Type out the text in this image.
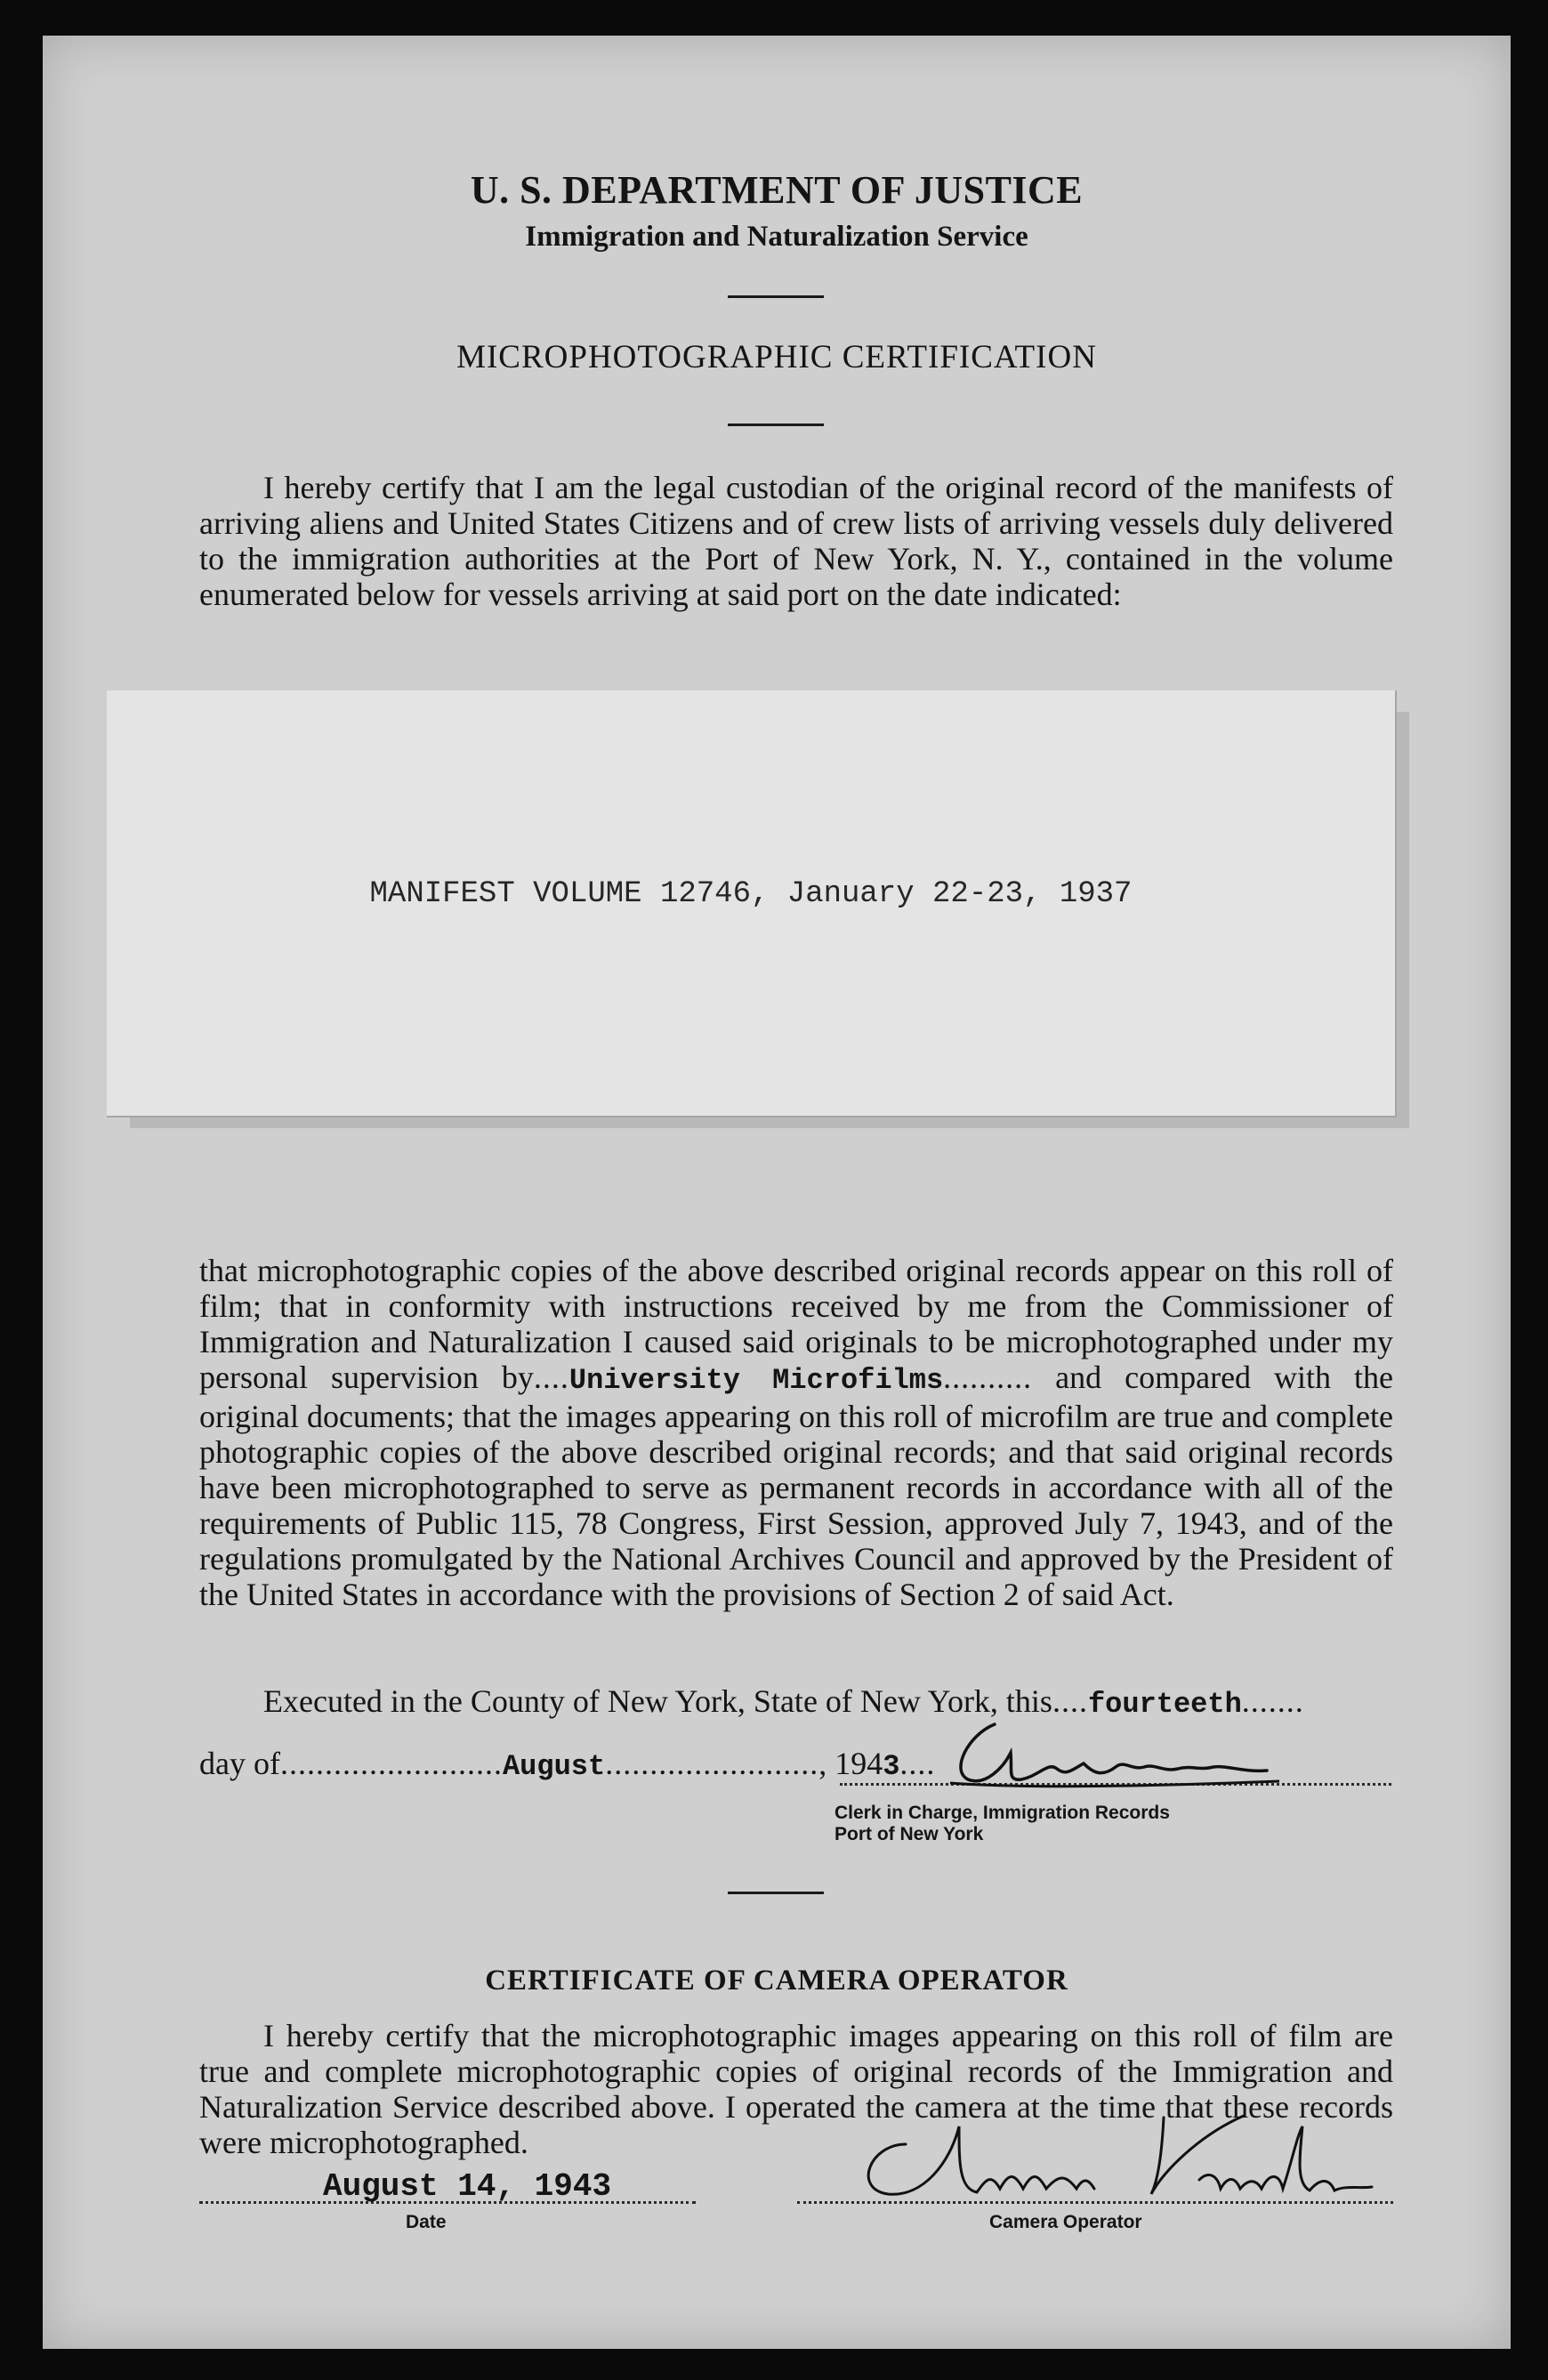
U. S. DEPARTMENT OF JUSTICE
Immigration and Naturalization Service
MICROPHOTOGRAPHIC CERTIFICATION

I hereby certify that I am the legal custodian of the original record of the manifests of arriving aliens and United States Citizens and of crew lists of arriving vessels duly delivered to the immigration authorities at the Port of New York, N. Y., contained in the volume enumerated below for vessels arriving at said port on the date indicated:

MANIFEST VOLUME 12746, January 22-23, 1937

that microphotographic copies of the above described original records appear on this roll of film; that in conformity with instructions received by me from the Commissioner of Immigration and Naturalization I caused said originals to be microphotographed under my personal supervision by....University Microfilms.......... and compared with the original documents; that the images appearing on this roll of microfilm are true and complete photographic copies of the above described original records; and that said original records have been microphotographed to serve as permanent records in accordance with all of the requirements of Public 115, 78 Congress, First Session, approved July 7, 1943, and of the regulations promulgated by the National Archives Council and approved by the President of the United States in accordance with the provisions of Section 2 of said Act.

Executed in the County of New York, State of New York, this....fourteeth.......
day of.........................August........................, 1943....
Clerk in Charge, Immigration Records
Port of New York
CERTIFICATE OF CAMERA OPERATOR

I hereby certify that the microphotographic images appearing on this roll of film are true and complete microphotographic copies of original records of the Immigration and Naturalization Service described above. I operated the camera at the time that these records were microphotographed.

August 14, 1943
Date	Camera Operator
